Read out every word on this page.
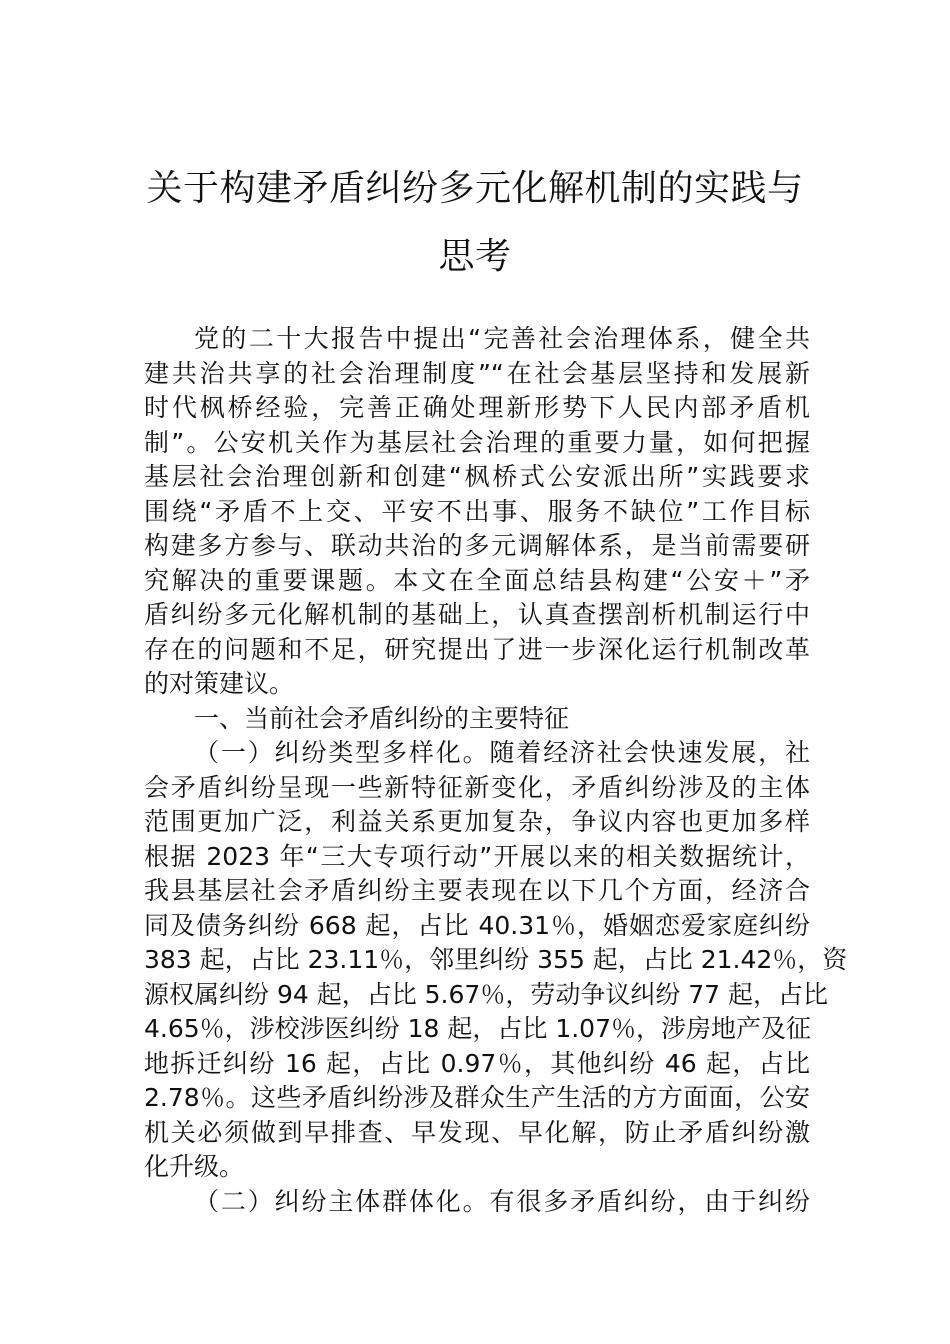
关于构建矛盾纠纷多元化解机制的实践与
思考
党的二十大报告中提出“完善社会治理体系，健全共
建共治共享的社会治理制度”“在社会基层坚持和发展新
时代枫桥经验，完善正确处理新形势下人民内部矛盾机
制”。公安机关作为基层社会治理的重要力量，如何把握
基层社会治理创新和创建“枫桥式公安派出所”实践要求
围绕“矛盾不上交、平安不出事、服务不缺位”工作目标
构建多方参与、联动共治的多元调解体系，是当前需要研
究解决的重要课题。本文在全面总结县构建“公安＋”矛
盾纠纷多元化解机制的基础上，认真查摆剖析机制运行中
存在的问题和不足，研究提出了进一步深化运行机制改革
的对策建议。
一、当前社会矛盾纠纷的主要特征
（一）纠纷类型多样化。随着经济社会快速发展，社
会矛盾纠纷呈现一些新特征新变化，矛盾纠纷涉及的主体
范围更加广泛，利益关系更加复杂，争议内容也更加多样
根据 2023 年“三大专项行动”开展以来的相关数据统计，
我县基层社会矛盾纠纷主要表现在以下几个方面，经济合
同及债务纠纷 668 起，占比 40.31％，婚姻恋爱家庭纠纷
383 起，占比 23.11％，邻里纠纷 355 起，占比 21.42％，资
源权属纠纷 94 起，占比 5.67％，劳动争议纠纷 77 起，占比
4.65％，涉校涉医纠纷 18 起，占比 1.07％，涉房地产及征
地拆迁纠纷 16 起，占比 0.97％，其他纠纷 46 起，占比
2.78％。这些矛盾纠纷涉及群众生产生活的方方面面，公安
机关必须做到早排查、早发现、早化解，防止矛盾纠纷激
化升级。
（二）纠纷主体群体化。有很多矛盾纠纷，由于纠纷
